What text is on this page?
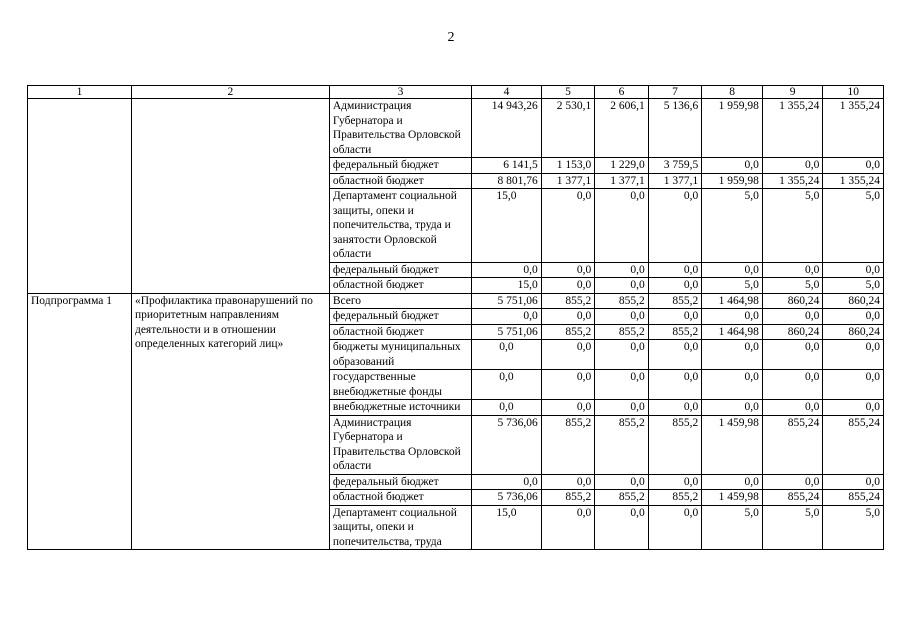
2
1	2	3	4	5	6	7	8	9	10
		Администрация Губернатора и Правительства Орловской области	14 943,26	2 530,1	2 606,1	5 136,6	1 959,98	1 355,24	1 355,24
		федеральный бюджет	6 141,5	1 153,0	1 229,0	3 759,5	0,0	0,0	0,0
		областной бюджет	8 801,76	1 377,1	1 377,1	1 377,1	1 959,98	1 355,24	1 355,24
		Департамент социальной защиты, опеки и попечительства, труда и занятости Орловской области	15,0	0,0	0,0	0,0	5,0	5,0	5,0
		федеральный бюджет	0,0	0,0	0,0	0,0	0,0	0,0	0,0
		областной бюджет	15,0	0,0	0,0	0,0	5,0	5,0	5,0
Подпрограмма 1	«Профилактика правонарушений по приоритетным направлениям деятельности и в отношении определенных категорий лиц»	Всего	5 751,06	855,2	855,2	855,2	1 464,98	860,24	860,24
		федеральный бюджет	0,0	0,0	0,0	0,0	0,0	0,0	0,0
		областной бюджет	5 751,06	855,2	855,2	855,2	1 464,98	860,24	860,24
		бюджеты муниципальных образований	0,0	0,0	0,0	0,0	0,0	0,0	0,0
		государственные внебюджетные фонды	0,0	0,0	0,0	0,0	0,0	0,0	0,0
		внебюджетные источники	0,0	0,0	0,0	0,0	0,0	0,0	0,0
		Администрация Губернатора и Правительства Орловской области	5 736,06	855,2	855,2	855,2	1 459,98	855,24	855,24
		федеральный бюджет	0,0	0,0	0,0	0,0	0,0	0,0	0,0
		областной бюджет	5 736,06	855,2	855,2	855,2	1 459,98	855,24	855,24
		Департамент социальной защиты, опеки и попечительства, труда	15,0	0,0	0,0	0,0	5,0	5,0	5,0
